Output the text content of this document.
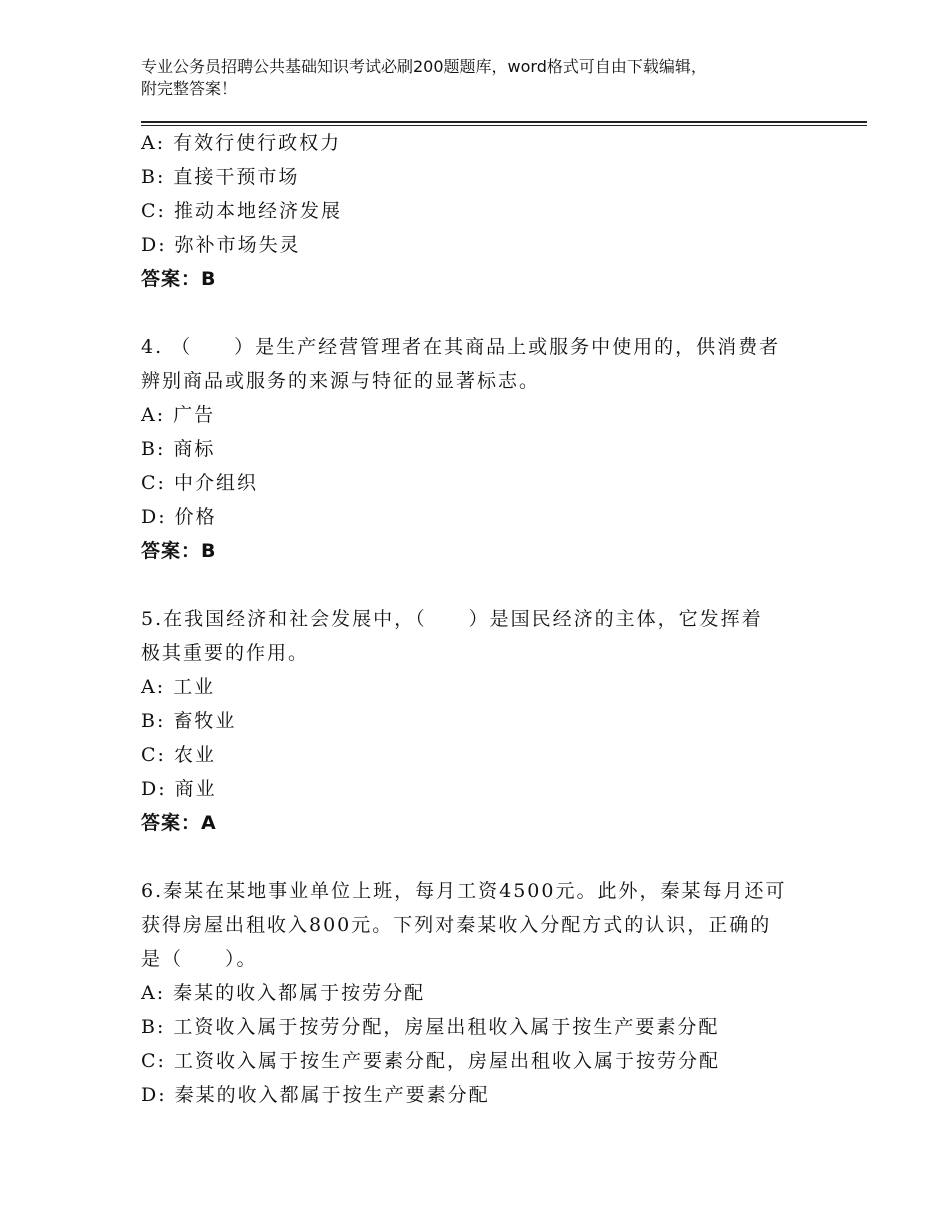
专业公务员招聘公共基础知识考试必刷200题题库，word格式可自由下载编辑，
附完整答案！
A: 有效行使行政权力
B: 直接干预市场
C: 推动本地经济发展
D: 弥补市场失灵
答案：B
4. （　　）是生产经营管理者在其商品上或服务中使用的，供消费者
辨别商品或服务的来源与特征的显著标志。
A: 广告
B: 商标
C: 中介组织
D: 价格
答案：B
5.在我国经济和社会发展中，（　　）是国民经济的主体，它发挥着
极其重要的作用。
A: 工业
B: 畜牧业
C: 农业
D: 商业
答案：A
6.秦某在某地事业单位上班，每月工资4500元。此外，秦某每月还可
获得房屋出租收入800元。下列对秦某收入分配方式的认识，正确的
是（　　）。
A: 秦某的收入都属于按劳分配
B: 工资收入属于按劳分配，房屋出租收入属于按生产要素分配
C: 工资收入属于按生产要素分配，房屋出租收入属于按劳分配
D: 秦某的收入都属于按生产要素分配
